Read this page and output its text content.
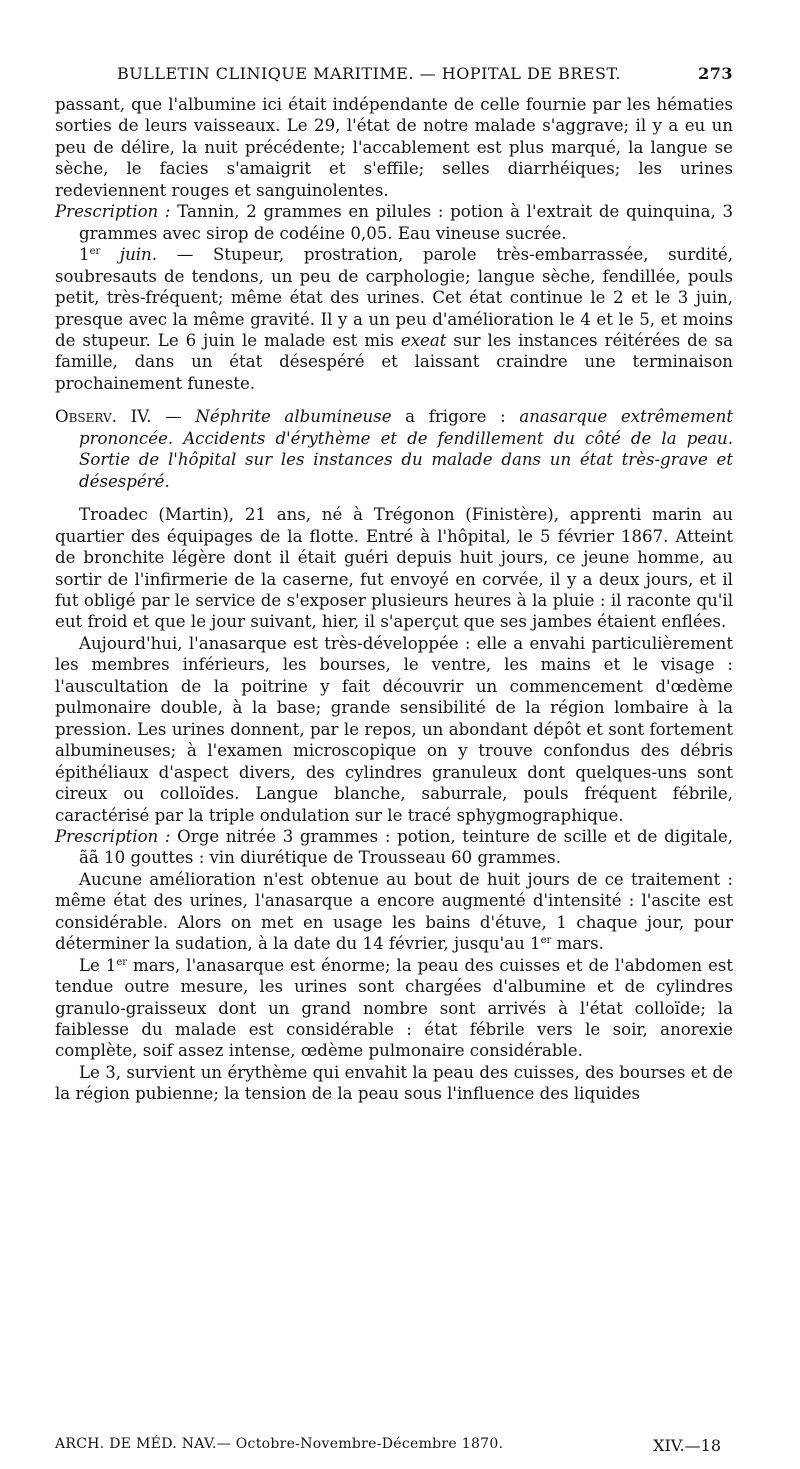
BULLETIN CLINIQUE MARITIME. — HOPITAL DE BREST.	273

passant, que l'albumine ici était indépendante de celle fournie par les hématies sorties de leurs vaisseaux. Le 29, l'état de notre malade s'aggrave; il y a eu un peu de délire, la nuit précédente; l'accablement est plus marqué, la langue se sèche, le facies s'amaigrit et s'effile; selles diarrhéiques; les urines redeviennent rouges et sanguinolentes.

Prescription : Tannin, 2 grammes en pilules : potion à l'extrait de quinquina, 3 grammes avec sirop de codéine 0,05. Eau vineuse sucrée.

1er juin. — Stupeur, prostration, parole très-embarrassée, surdité, soubresauts de tendons, un peu de carphologie; langue sèche, fendillée, pouls petit, très-fréquent; même état des urines. Cet état continue le 2 et le 3 juin, presque avec la même gravité. Il y a un peu d'amélioration le 4 et le 5, et moins de stupeur. Le 6 juin le malade est mis exeat sur les instances réitérées de sa famille, dans un état désespéré et laissant craindre une terminaison prochainement funeste.

Observ. IV. — Néphrite albumineuse a frigore : anasarque extrêmement prononcée. Accidents d'érythème et de fendillement du côté de la peau. Sortie de l'hôpital sur les instances du malade dans un état très-grave et désespéré.

Troadec (Martin), 21 ans, né à Trégonon (Finistère), apprenti marin au quartier des équipages de la flotte. Entré à l'hôpital, le 5 février 1867. Atteint de bronchite légère dont il était guéri depuis huit jours, ce jeune homme, au sortir de l'infirmerie de la caserne, fut envoyé en corvée, il y a deux jours, et il fut obligé par le service de s'exposer plusieurs heures à la pluie : il raconte qu'il eut froid et que le jour suivant, hier, il s'aperçut que ses jambes étaient enflées.

Aujourd'hui, l'anasarque est très-développée : elle a envahi particulièrement les membres inférieurs, les bourses, le ventre, les mains et le visage : l'auscultation de la poitrine y fait découvrir un commencement d'œdème pulmonaire double, à la base; grande sensibilité de la région lombaire à la pression. Les urines donnent, par le repos, un abondant dépôt et sont fortement albumineuses; à l'examen microscopique on y trouve confondus des débris épithéliaux d'aspect divers, des cylindres granuleux dont quelques-uns sont cireux ou colloïdes. Langue blanche, saburrale, pouls fréquent fébrile, caractérisé par la triple ondulation sur le tracé sphygmographique.

Prescription : Orge nitrée 3 grammes : potion, teinture de scille et de digitale, ãã 10 gouttes : vin diurétique de Trousseau 60 grammes.

Aucune amélioration n'est obtenue au bout de huit jours de ce traitement : même état des urines, l'anasarque a encore augmenté d'intensité : l'ascite est considérable. Alors on met en usage les bains d'étuve, 1 chaque jour, pour déterminer la sudation, à la date du 14 février, jusqu'au 1er mars.

Le 1er mars, l'anasarque est énorme; la peau des cuisses et de l'abdomen est tendue outre mesure, les urines sont chargées d'albumine et de cylindres granulo-graisseux dont un grand nombre sont arrivés à l'état colloïde; la faiblesse du malade est considérable : état fébrile vers le soir, anorexie complète, soif assez intense, œdème pulmonaire considérable.

Le 3, survient un érythème qui envahit la peau des cuisses, des bourses et de la région pubienne; la tension de la peau sous l'influence des liquides

ARCH. DE MÉD. NAV.— Octobre-Novembre-Décembre 1870.	XIV.—18
